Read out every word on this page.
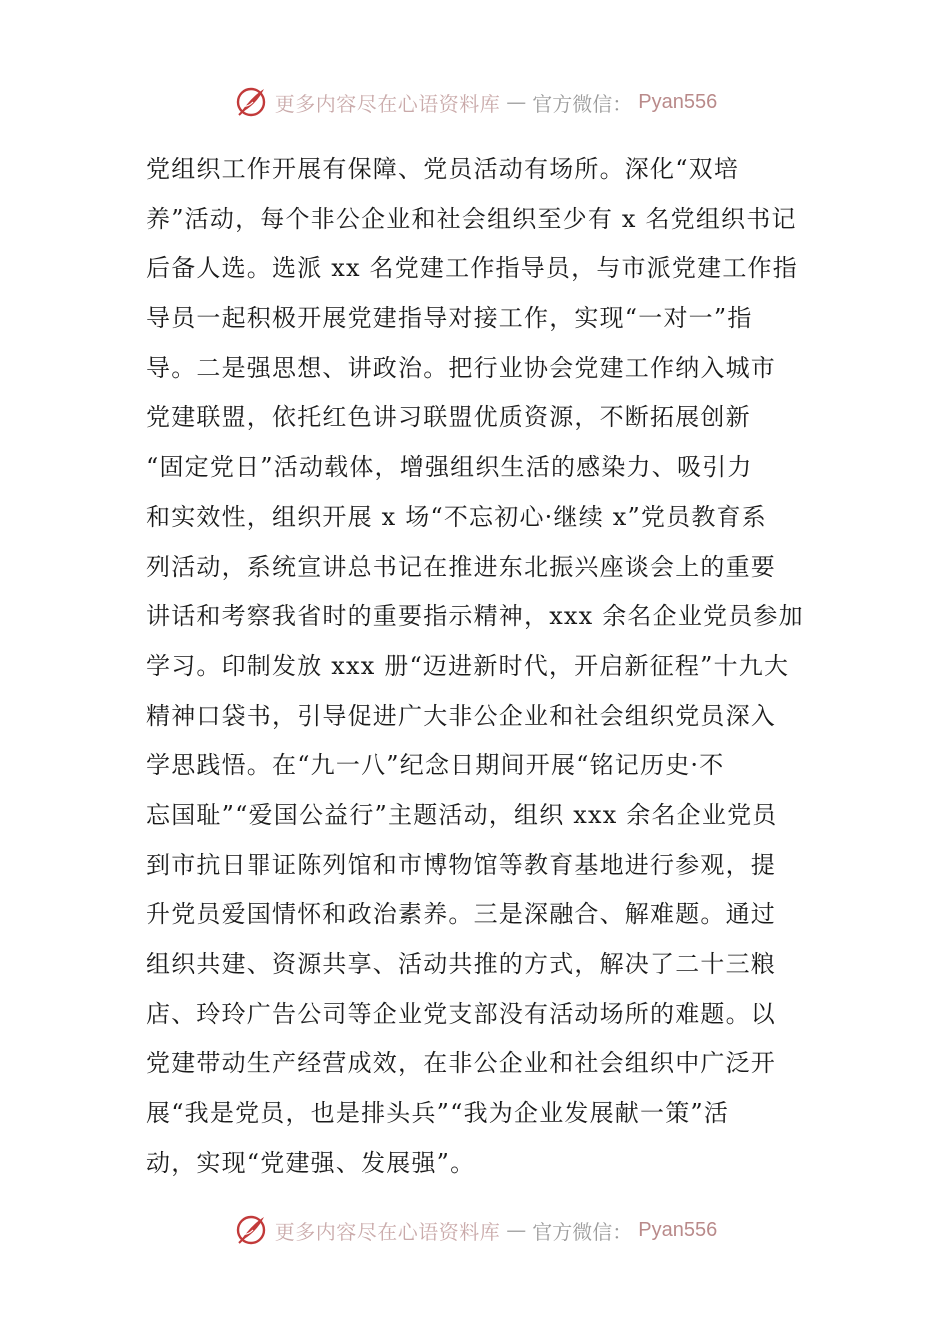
更多内容尽在心语资料库 — 官方微信： Pyan556
党组织工作开展有保障、党员活动有场所。深化“双培
养”活动，每个非公企业和社会组织至少有 x 名党组织书记
后备人选。选派 xx 名党建工作指导员，与市派党建工作指
导员一起积极开展党建指导对接工作，实现“一对一”指
导。二是强思想、讲政治。把行业协会党建工作纳入城市
党建联盟，依托红色讲习联盟优质资源，不断拓展创新
“固定党日”活动载体，增强组织生活的感染力、吸引力
和实效性，组织开展 x 场“不忘初心·继续 x”党员教育系
列活动，系统宣讲总书记在推进东北振兴座谈会上的重要
讲话和考察我省时的重要指示精神，xxx 余名企业党员参加
学习。印制发放 xxx 册“迈进新时代，开启新征程”十九大
精神口袋书，引导促进广大非公企业和社会组织党员深入
学思践悟。在“九一八”纪念日期间开展“铭记历史·不
忘国耻”“爱国公益行”主题活动，组织 xxx 余名企业党员
到市抗日罪证陈列馆和市博物馆等教育基地进行参观，提
升党员爱国情怀和政治素养。三是深融合、解难题。通过
组织共建、资源共享、活动共推的方式，解决了二十三粮
店、玲玲广告公司等企业党支部没有活动场所的难题。以
党建带动生产经营成效，在非公企业和社会组织中广泛开
展“我是党员，也是排头兵”“我为企业发展献一策”活
动，实现“党建强、发展强”。
更多内容尽在心语资料库 — 官方微信： Pyan556
